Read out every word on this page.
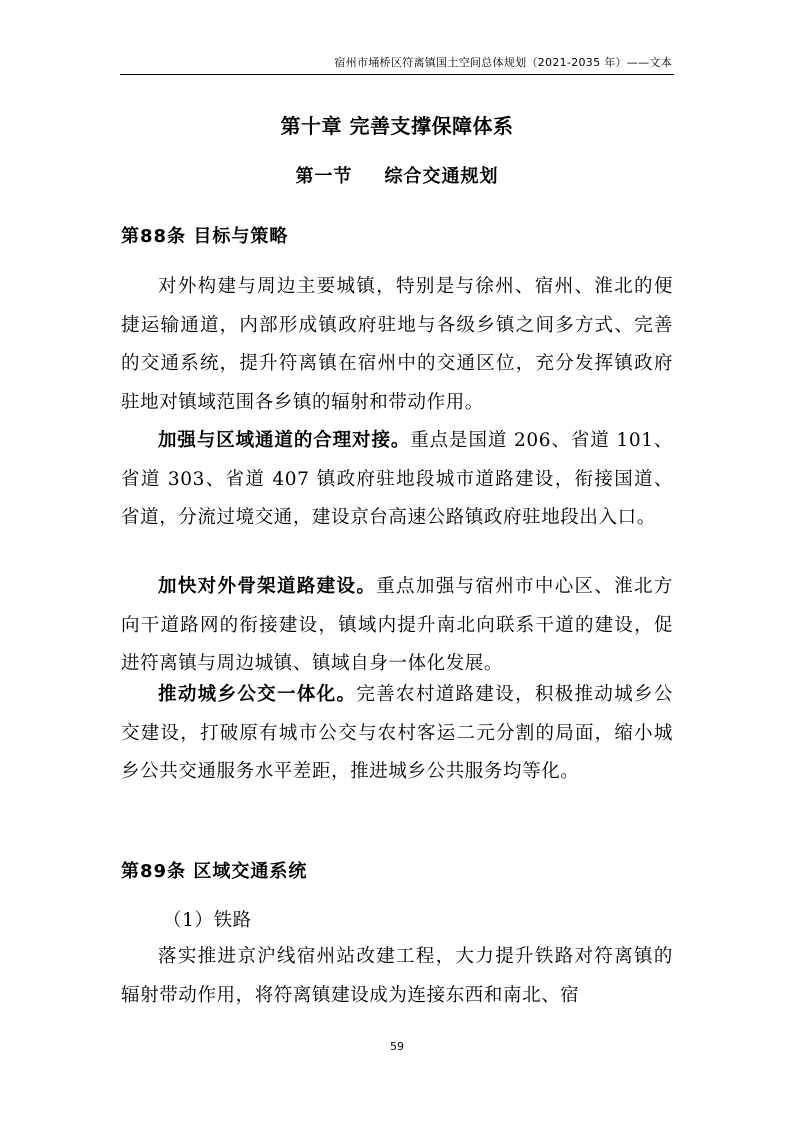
宿州市埇桥区符离镇国土空间总体规划（2021-2035 年）——文本
第十章 完善支撑保障体系
第一节 综合交通规划
第88条 目标与策略

对外构建与周边主要城镇，特别是与徐州、宿州、淮北的便捷运输通道，内部形成镇政府驻地与各级乡镇之间多方式、完善的交通系统，提升符离镇在宿州中的交通区位，充分发挥镇政府驻地对镇域范围各乡镇的辐射和带动作用。

加强与区域通道的合理对接。重点是国道 206、省道 101、省道 303、省道 407 镇政府驻地段城市道路建设，衔接国道、省道，分流过境交通，建设京台高速公路镇政府驻地段出入口。

加快对外骨架道路建设。重点加强与宿州市中心区、淮北方向干道路网的衔接建设，镇域内提升南北向联系干道的建设，促进符离镇与周边城镇、镇域自身一体化发展。

推动城乡公交一体化。完善农村道路建设，积极推动城乡公交建设，打破原有城市公交与农村客运二元分割的局面，缩小城乡公共交通服务水平差距，推进城乡公共服务均等化。

第89条 区域交通系统
（1）铁路

落实推进京沪线宿州站改建工程，大力提升铁路对符离镇的辐射带动作用，将符离镇建设成为连接东西和南北、宿

59
